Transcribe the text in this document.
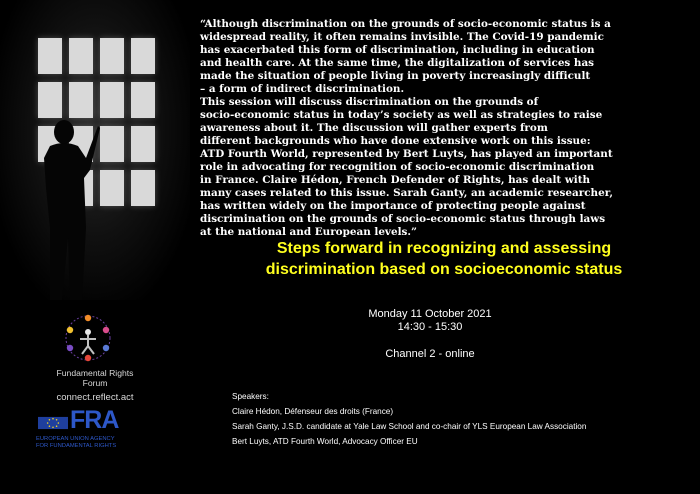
“Although discrimination on the grounds of socio-economic status is a
widespread reality, it often remains invisible. The Covid-19 pandemic
has exacerbated this form of discrimination, including in education
and health care. At the same time, the digitalization of services has
made the situation of people living in poverty increasingly difficult
– a form of indirect discrimination.
This session will discuss discrimination on the grounds of
socio-economic status in today’s society as well as strategies to raise
awareness about it. The discussion will gather experts from
different backgrounds who have done extensive work on this issue:
ATD Fourth World, represented by Bert Luyts, has played an important
role in advocating for recognition of socio-economic discrimination
in France. Claire Hédon, French Defender of Rights, has dealt with
many cases related to this issue. Sarah Ganty, an academic researcher,
has written widely on the importance of protecting people against
discrimination on the grounds of socio-economic status through laws
at the national and European levels.”
Steps forward in recognizing and assessing
discrimination based on socioeconomic status
Monday 11 October 2021
14:30 - 15:30
Channel 2 - online
Speakers:
Claire Hédon, Défenseur des droits (France)
Sarah Ganty, J.S.D. candidate at Yale Law School and co-chair of YLS European Law Association
Bert Luyts, ATD Fourth World, Advocacy Officer EU
Fundamental Rights
Forum
connect.reflect.act
FRA
EUROPEAN UNION AGENCY
FOR FUNDAMENTAL RIGHTS
